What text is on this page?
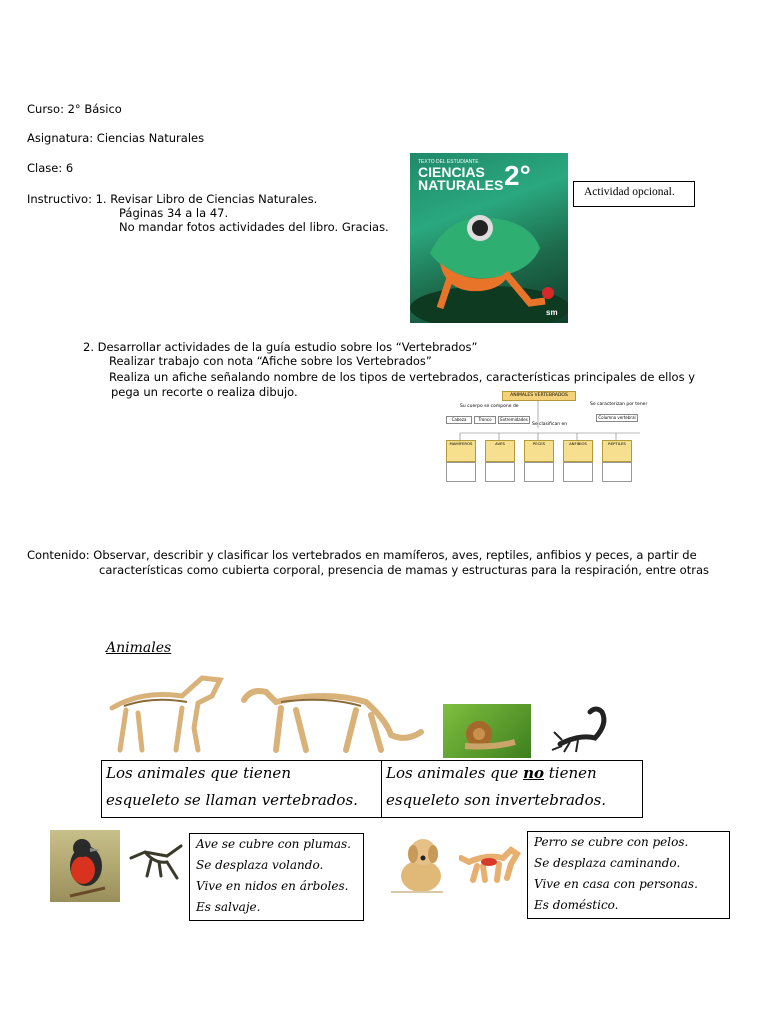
Curso: 2° Básico
Asignatura: Ciencias Naturales
Clase: 6
Instructivo: 1. Revisar Libro de Ciencias Naturales.
Páginas 34 a la 47.
No mandar fotos actividades del libro. Gracias.
TEXTO DEL ESTUDIANTE
CIENCIAS
NATURALES 2°
sm
Actividad opcional.
2. Desarrollar actividades de la guía estudio sobre los “Vertebrados”
Realizar trabajo con nota “Afiche sobre los Vertebrados”
Realiza un afiche señalando nombre de los tipos de vertebrados, características principales de ellos y
pega un recorte o realiza dibujo.	ANIMALES VERTEBRADOS
Su cuerpo se compone de	Se caracterizan por tener
Cabeza	Tronco	Extremidades	Columna vertebral
Se clasifican en
MAMÍFEROS	AVES	PECES	ANFIBIOS	REPTILES
Contenido: Observar, describir y clasificar los vertebrados en mamíferos, aves, reptiles, anfibios y peces, a partir de
características como cubierta corporal, presencia de mamas y estructuras para la respiración, entre otras
Animales
Los animales que tienen
esqueleto se llaman vertebrados.
Los animales que no tienen
esqueleto son invertebrados.
Ave se cubre con plumas.
Se desplaza volando.
Vive en nidos en árboles.
Es salvaje.
Perro se cubre con pelos.
Se desplaza caminando.
Vive en casa con personas.
Es doméstico.
